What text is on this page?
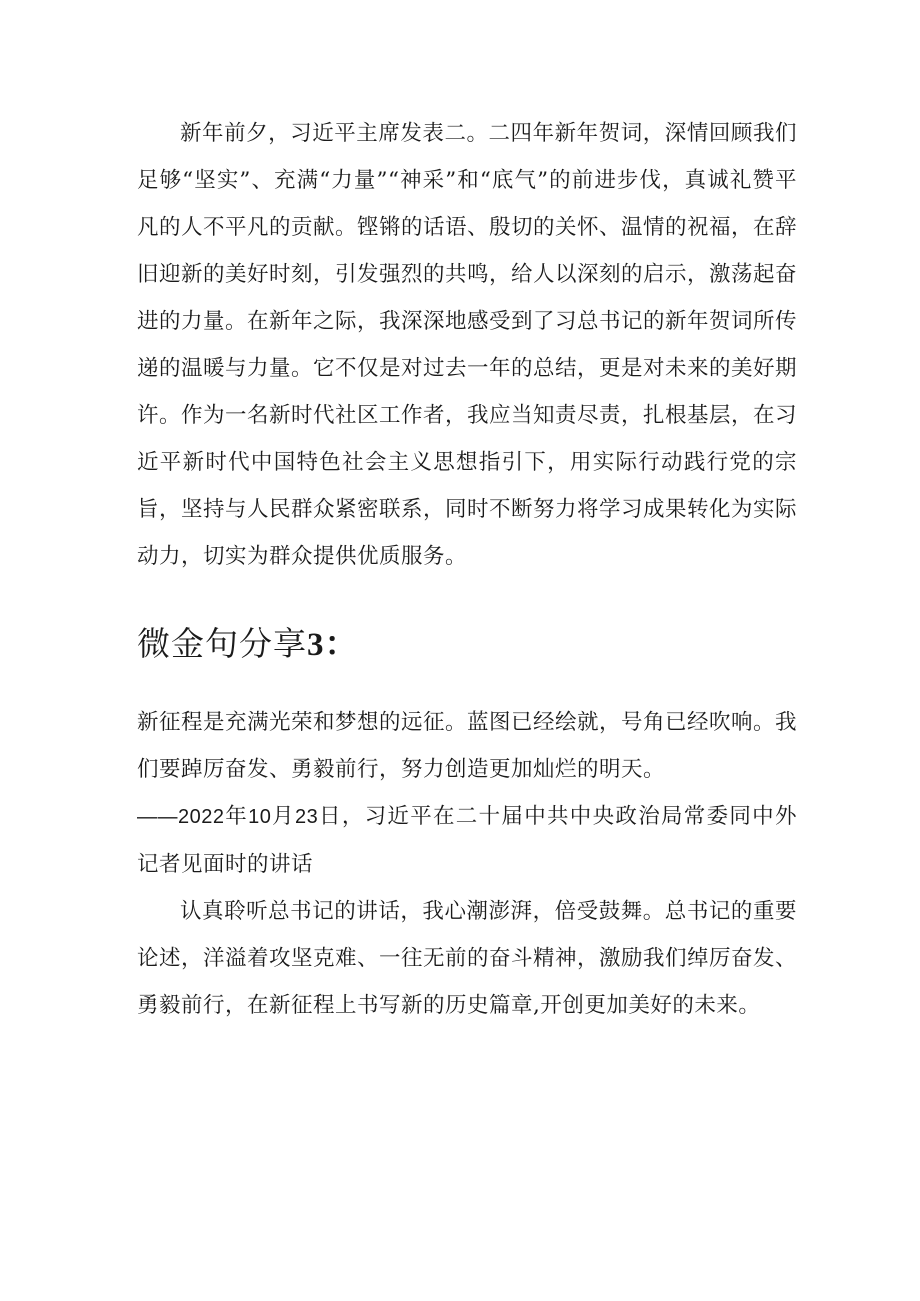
新年前夕，习近平主席发表二。二四年新年贺词，深情回顾我们足够“坚实”、充满“力量”“神采”和“底气”的前进步伐，真诚礼赞平凡的人不平凡的贡献。铿锵的话语、殷切的关怀、温情的祝福，在辞旧迎新的美好时刻，引发强烈的共鸣，给人以深刻的启示，激荡起奋进的力量。在新年之际，我深深地感受到了习总书记的新年贺词所传递的温暖与力量。它不仅是对过去一年的总结，更是对未来的美好期许。作为一名新时代社区工作者，我应当知责尽责，扎根基层，在习近平新时代中国特色社会主义思想指引下，用实际行动践行党的宗旨，坚持与人民群众紧密联系，同时不断努力将学习成果转化为实际动力，切实为群众提供优质服务。

微金句分享3：

新征程是充满光荣和梦想的远征。蓝图已经绘就，号角已经吹响。我们要踔厉奋发、勇毅前行，努力创造更加灿烂的明天。

——2022年10月23日，习近平在二十届中共中央政治局常委同中外记者见面时的讲话

认真聆听总书记的讲话，我心潮澎湃，倍受鼓舞。总书记的重要论述，洋溢着攻坚克难、一往无前的奋斗精神，激励我们绰厉奋发、勇毅前行，在新征程上书写新的历史篇章,开创更加美好的未来。
